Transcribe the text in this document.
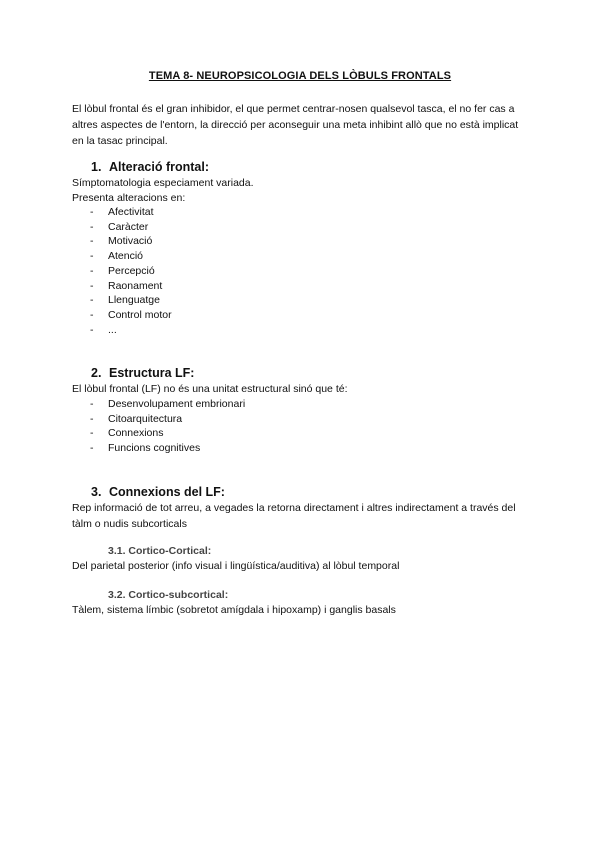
TEMA 8- NEUROPSICOLOGIA DELS LÒBULS FRONTALS
El lòbul frontal és el gran inhibidor, el que permet centrar-nosen qualsevol tasca, el no fer cas a altres aspectes de l'entorn, la direcció per aconseguir una meta inhibint allò que no està implicat en la tasac principal.
1. Alteració frontal:
Símptomatologia especiament variada.
Presenta alteracions en:
- Afectivitat
- Caràcter
- Motivació
- Atenció
- Percepció
- Raonament
- Llenguatge
- Control motor
- ...
2. Estructura LF:
El lòbul frontal (LF) no és una unitat estructural sinó que té:
- Desenvolupament embrionari
- Citoarquitectura
- Connexions
- Funcions cognitives
3. Connexions del LF:
Rep informació de tot arreu, a vegades la retorna directament i altres indirectament a través del tàlm o nudis subcorticals
3.1. Cortico-Cortical:
Del parietal posterior (info visual i lingüística/auditiva) al lòbul temporal
3.2. Cortico-subcortical:
Tàlem, sistema límbic (sobretot amígdala i hipoxamp) i ganglis basals
